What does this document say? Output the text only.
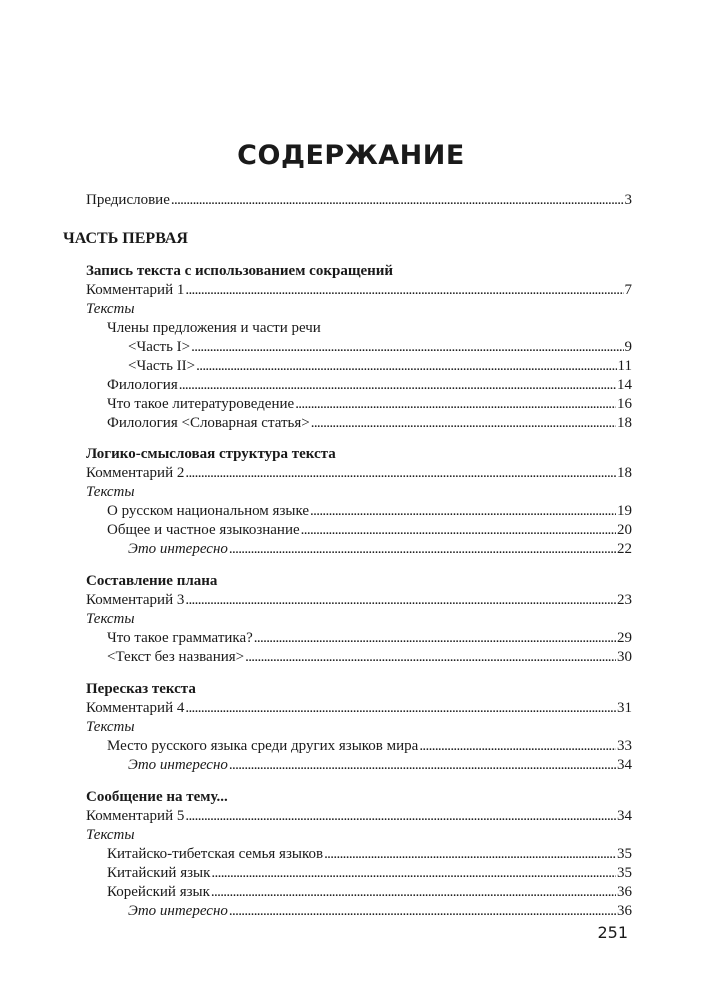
СОДЕРЖАНИЕ
Предисловие . . .	3
ЧАСТЬ ПЕРВАЯ
Запись текста с использованием сокращений
Комментарий 1 . . .	7
Тексты
Члены предложения и части речи
<Часть I> . . .	9
<Часть II> . . .	11
Филология . . .	14
Что такое литературоведение . . .	16
Филология <Словарная статья> . . .	18
Логико-смысловая структура текста
Комментарий 2 . . .	18
Тексты
О русском национальном языке . . .	19
Общее и частное языкознание . . .	20
Это интересно . . .	22
Составление плана
Комментарий 3 . . .	23
Тексты
Что такое грамматика? . . .	29
<Текст без названия> . . .	30
Пересказ текста
Комментарий 4 . . .	31
Тексты
Место русского языка среди других языков мира . . .	33
Это интересно . . .	34
Сообщение на тему...
Комментарий 5 . . .	34
Тексты
Китайско-тибетская семья языков . . .	35
Китайский язык . . .	35
Корейский язык . . .	36
Это интересно . . .	36
251
